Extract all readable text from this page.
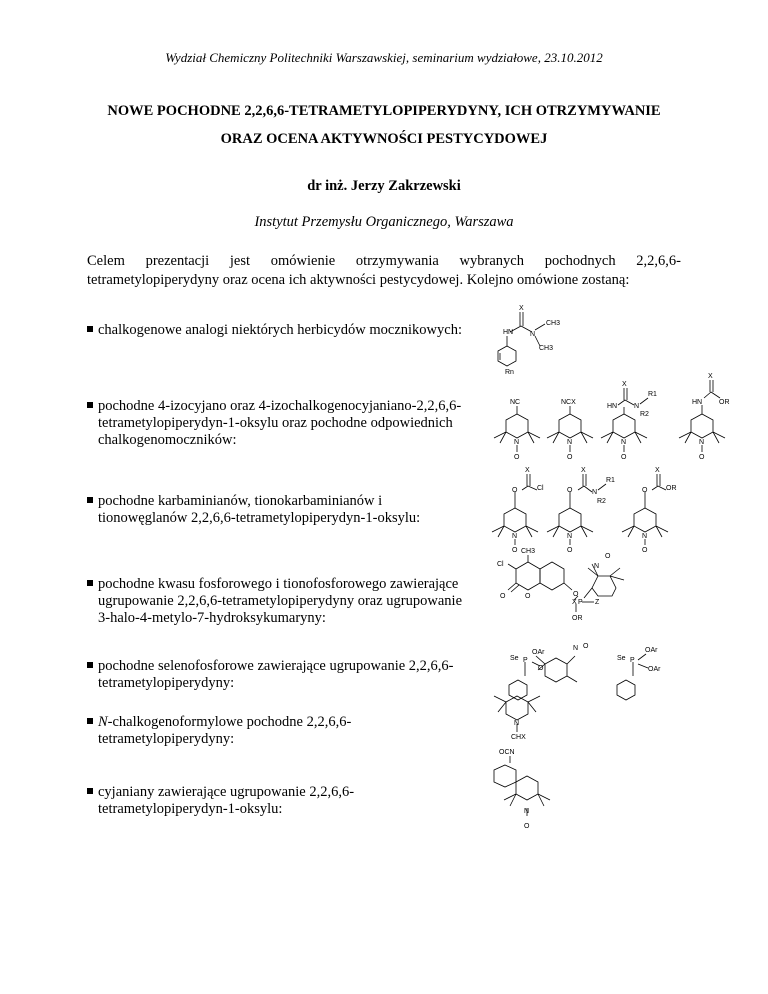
Wydział Chemiczny Politechniki Warszawskiej, seminarium wydziałowe, 23.10.2012
NOWE POCHODNE 2,2,6,6-TETRAMETYLOPIPERYDYNY, ICH OTRZYMYWANIE
ORAZ OCENA AKTYWNOŚCI PESTYCYDOWEJ
dr inż. Jerzy Zakrzewski
Instytut Przemysłu Organicznego, Warszawa
Celem prezentacji jest omówienie otrzymywania wybranych pochodnych 2,2,6,6-tetrametylopiperydyny oraz ocena ich aktywności pestycydowej. Kolejno omówione zostaną:
chalkogenowe analogi niektórych herbicydów mocznikowych:
pochodne 4-izocyjano oraz 4-izochalkogenocyjaniano-2,2,6,6-
tetrametylopiperydyn-1-oksylu oraz pochodne odpowiednich
chalkogenomoczników:
pochodne karbaminianów, tionokarbaminianów i
tionowęglanów 2,2,6,6-tetrametylopiperydyn-1-oksylu:
pochodne kwasu fosforowego i tionofosforowego zawierające
ugrupowanie 2,2,6,6-tetrametylopiperydyny oraz ugrupowanie
3-halo-4-metylo-7-hydroksykumaryny:
pochodne selenofosforowe zawierające ugrupowanie 2,2,6,6-
tetrametylopiperydyny:
N-chalkogenoformylowe pochodne 2,2,6,6-
tetrametylopiperydyny:
cyjaniany zawierające ugrupowanie 2,2,6,6-
tetrametylopiperydyn-1-oksylu:
X
HN N
CH3
CH3
Rn
NC	NCX
X
HN N
R1
R2
X
HN OR
N
O
N
O
N
O
N
O
X
O	Cl
X
O	N
R1
R2
X
O	OR
N
O
N
O
N
O
CH3
Cl
O	O	O
X P Z
OR
N
O
Se P
OAr
O
N O
Se P
OAr
OAr
N
CHX
OCN
N
O
